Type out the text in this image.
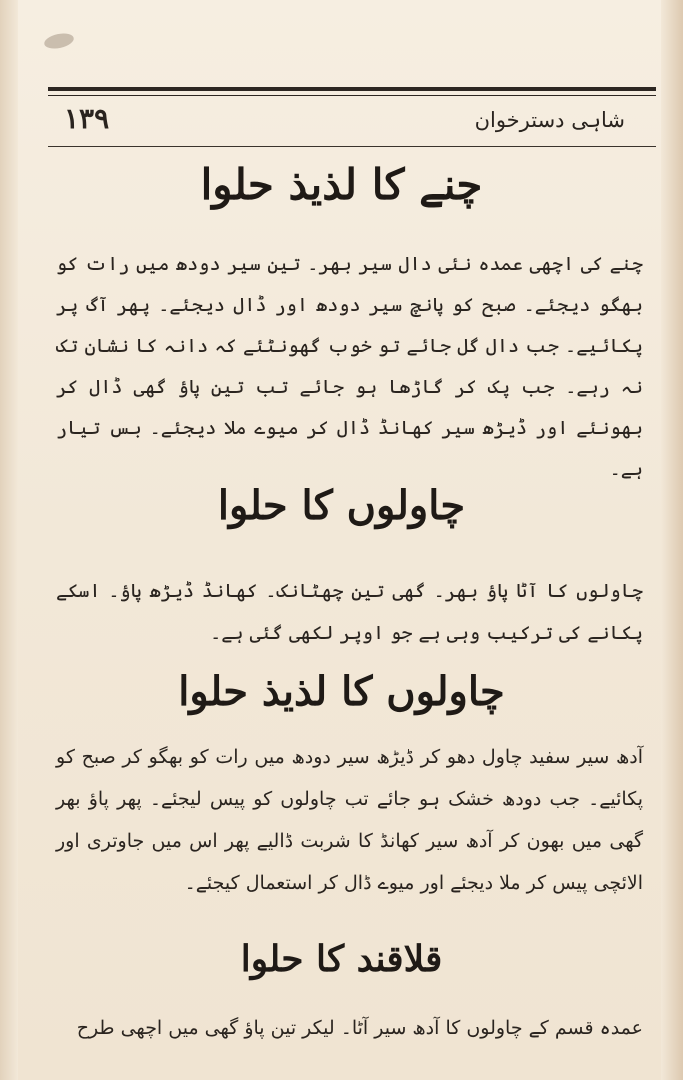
١٣٩	شاہی دسترخوان
چنے کا لذیذ حلوا

چنے کی اچھی عمدہ نئی دال سیر بھر۔ تین سیر دودھ میں رات کو بھگو دیجئے۔ صبح کو پانچ سیر دودھ اور ڈال دیجئے۔ پھر آگ پر پکائیے۔ جب دال گل جائے تو خوب گھونٹئے کہ دانہ کا نشان تک نہ رہے۔ جب پک کر گاڑھا ہو جائے تب تین پاؤ گھی ڈال کر بھونئے اور ڈیڑھ سیر کھانڈ ڈال کر میوے ملا دیجئے۔ بس تیار ہے۔

چاولوں کا حلوا

چاولوں کا آٹا پاؤ بھر۔ گھی تین چھٹانک۔ کھانڈ ڈیڑھ پاؤ۔ اسکے پکانے کی ترکیب وہی ہے جو اوپر لکھی گئی ہے۔

چاولوں کا لذیذ حلوا

آدھ سیر سفید چاول دھو کر ڈیڑھ سیر دودھ میں رات کو بھگو کر صبح کو پکائیے۔ جب دودھ خشک ہو جائے تب چاولوں کو پیس لیجئے۔ پھر پاؤ بھر گھی میں بھون کر آدھ سیر کھانڈ کا شربت ڈالیے پھر اس میں جاوتری اور الائچی پیس کر ملا دیجئے اور میوے ڈال کر استعمال کیجئے۔

قلاقند کا حلوا

عمدہ قسم کے چاولوں کا آدھ سیر آٹا۔ لیکر تین پاؤ گھی میں اچھی طرح
